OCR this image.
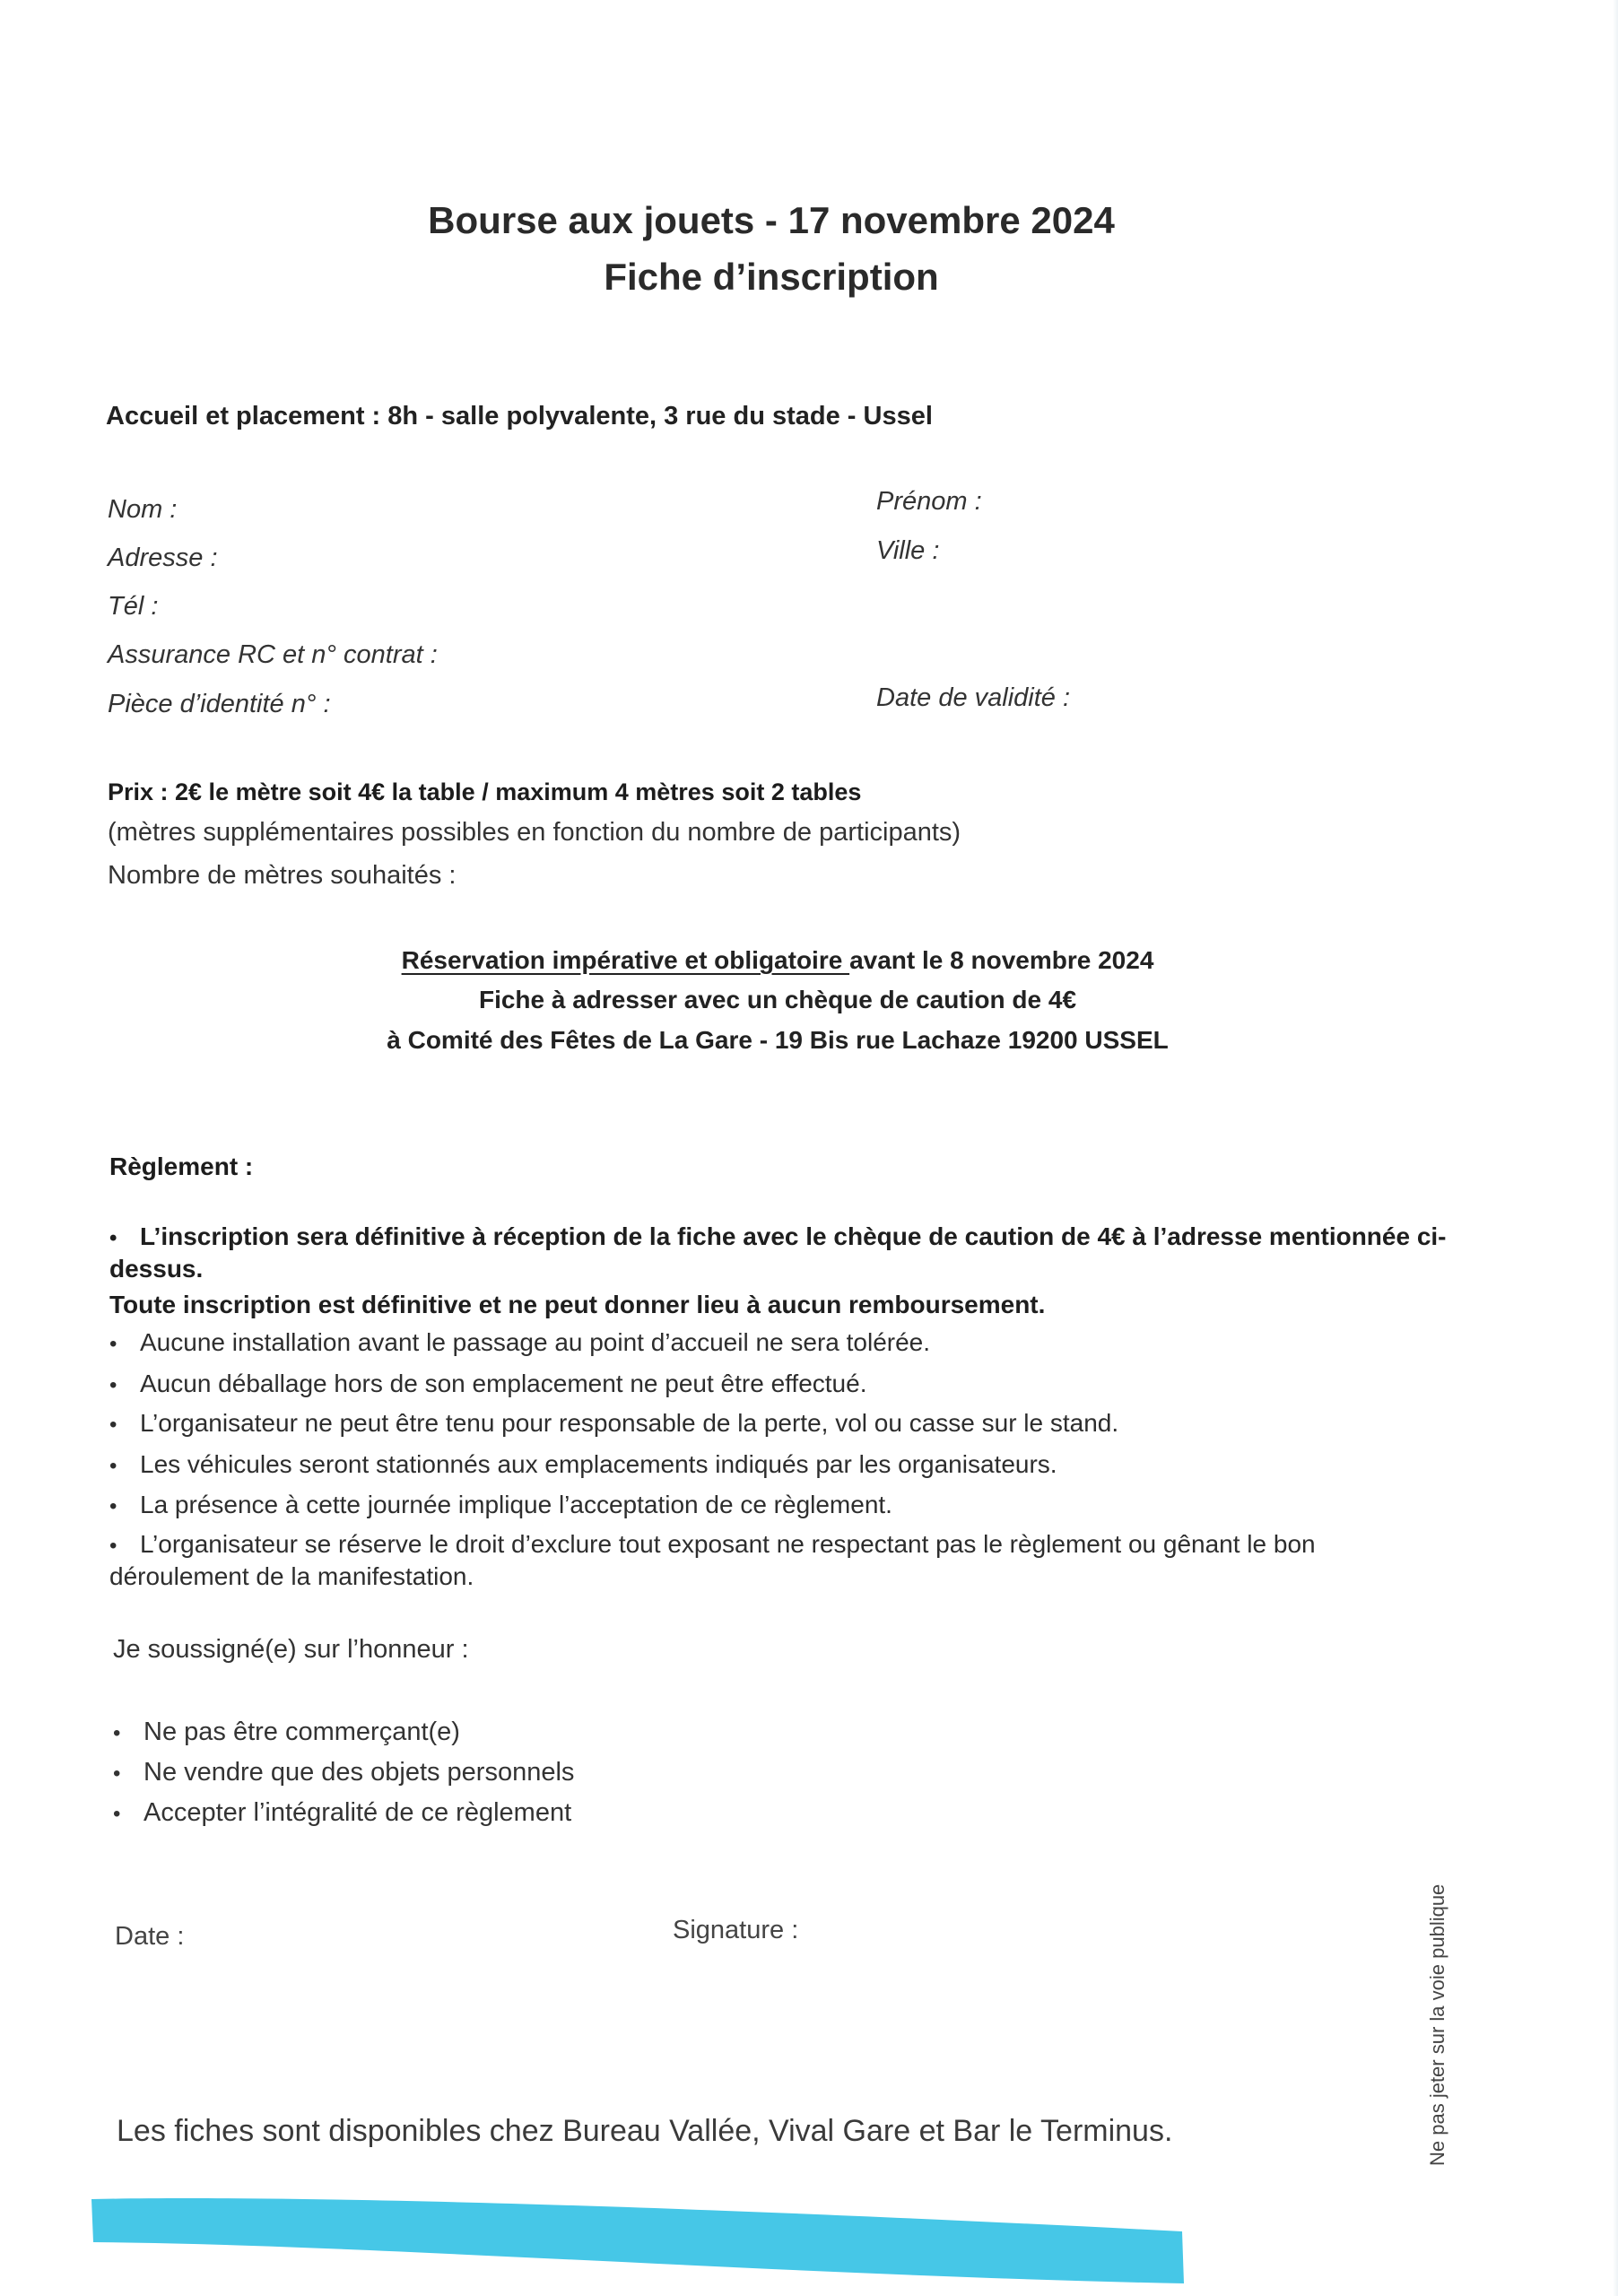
Bourse aux jouets - 17 novembre 2024
Fiche d’inscription
Accueil et placement : 8h - salle polyvalente, 3 rue du stade - Ussel
Nom :	Prénom :
Adresse :	Ville :
Tél :
Assurance RC et n° contrat :
Pièce d’identité n° :	Date de validité :
Prix : 2€ le mètre soit 4€ la table / maximum 4 mètres soit 2 tables
(mètres supplémentaires possibles en fonction du nombre de participants)
Nombre de mètres souhaités :
Réservation impérative et obligatoire avant le 8 novembre 2024
Fiche à adresser avec un chèque de caution de 4€
à Comité des Fêtes de La Gare - 19 Bis rue Lachaze 19200 USSEL
Règlement :
• L’inscription sera définitive à réception de la fiche avec le chèque de caution de 4€ à l’adresse mentionnée ci-dessus.
Toute inscription est définitive et ne peut donner lieu à aucun remboursement.
• Aucune installation avant le passage au point d’accueil ne sera tolérée.
• Aucun déballage hors de son emplacement ne peut être effectué.
• L’organisateur ne peut être tenu pour responsable de la perte, vol ou casse sur le stand.
• Les véhicules seront stationnés aux emplacements indiqués par les organisateurs.
• La présence à cette journée implique l’acceptation de ce règlement.
• L’organisateur se réserve le droit d’exclure tout exposant ne respectant pas le règlement ou gênant le bon déroulement de la manifestation.
Je soussigné(e) sur l’honneur :
• Ne pas être commerçant(e)
• Ne vendre que des objets personnels
• Accepter l’intégralité de ce règlement
Date :	Signature :
Les fiches sont disponibles chez Bureau Vallée, Vival Gare et Bar le Terminus.	Ne pas jeter sur la voie publique
